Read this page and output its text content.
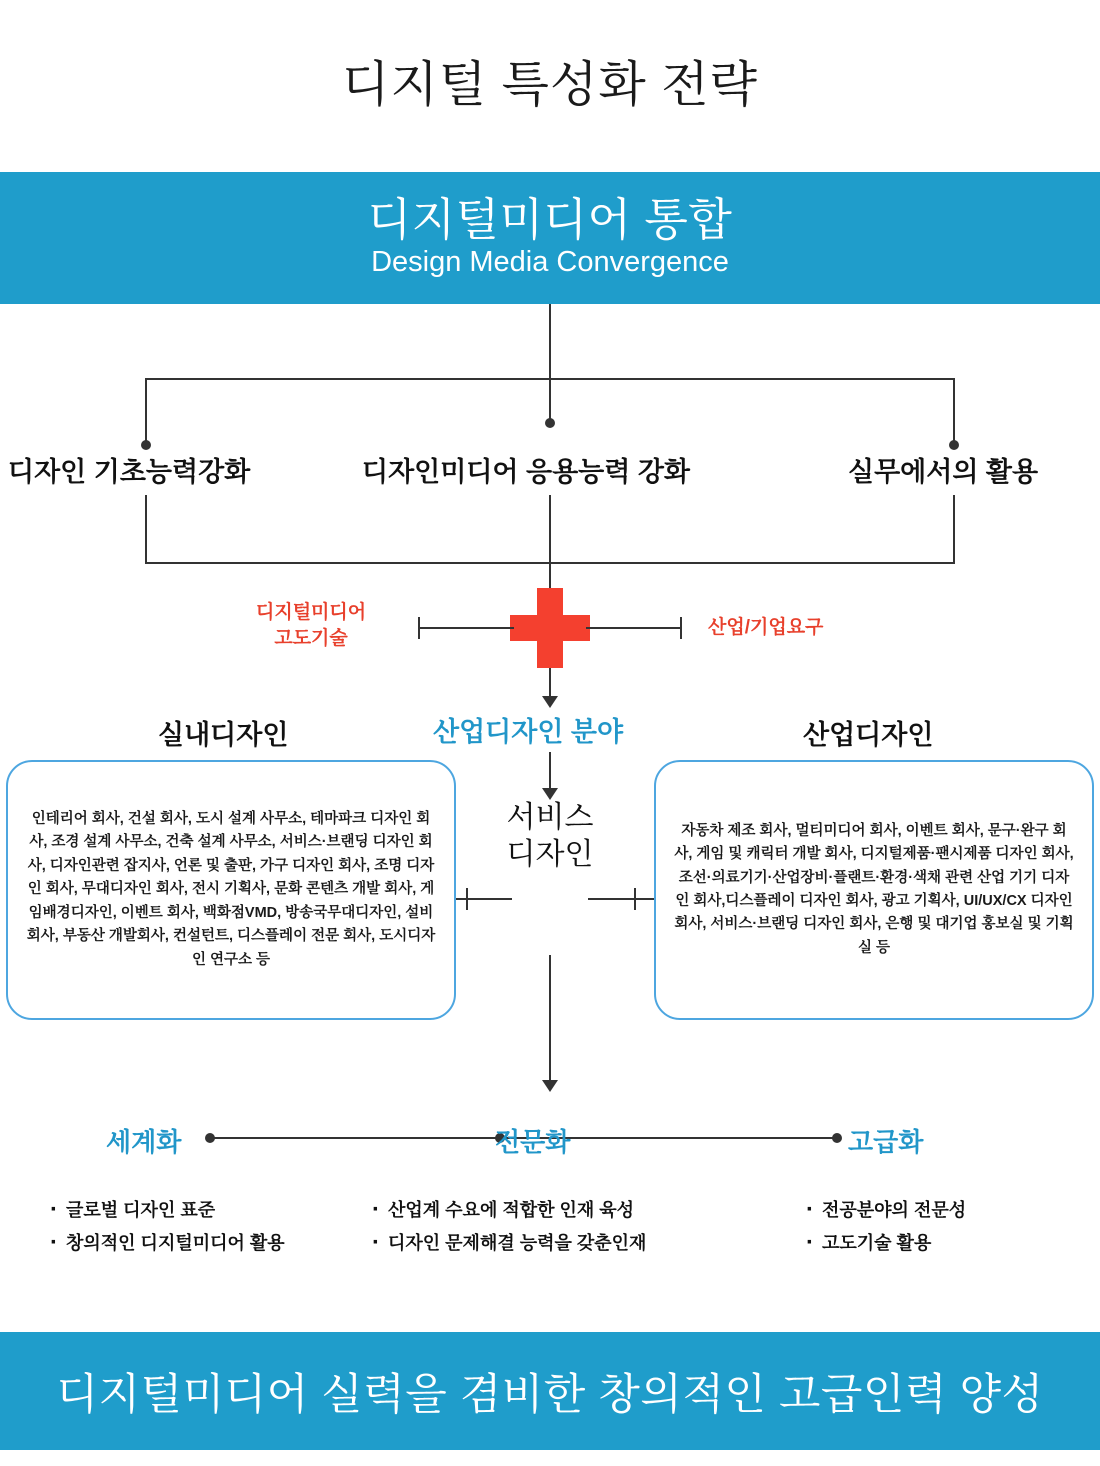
디지털 특성화 전략
디지털미디어 통합
Design Media Convergence
디자인 기초능력강화	디자인미디어 응용능력 강화	실무에서의 활용
디지털미디어
고도기술
산업/기업요구
실내디자인	산업디자인 분야	산업디자인

인테리어 회사, 건설 회사, 도시 설계 사무소, 테마파크 디자인 회사, 조경 설계 사무소, 건축 설계 사무소, 서비스·브랜딩 디자인 회사, 디자인관련 잡지사, 언론 및 출판, 가구 디자인 회사, 조명 디자인 회사, 무대디자인 회사, 전시 기획사, 문화 콘텐츠 개발 회사, 게임배경디자인, 이벤트 회사, 백화점VMD, 방송국무대디자인, 설비 회사, 부동산 개발회사, 컨설턴트, 디스플레이 전문 회사, 도시디자인 연구소 등

자동차 제조 회사, 멀티미디어 회사, 이벤트 회사, 문구·완구 회사, 게임 및 캐릭터 개발 회사, 디지털제품·팬시제품 디자인 회사, 조선·의료기기·산업장비·플랜트·환경·색채 관련 산업 기기 디자인 회사,디스플레이 디자인 회사, 광고 기획사, UI/UX/CX 디자인 회사, 서비스·브랜딩 디자인 회사, 은행 및 대기업 홍보실 및 기획실 등

서비스
디자인
세계화	전문화	고급화
· 글로벌 디자인 표준
· 창의적인 디지털미디어 활용
· 산업계 수요에 적합한 인재 육성
· 디자인 문제해결 능력을 갖춘인재
· 전공분야의 전문성
· 고도기술 활용
디지털미디어 실력을 겸비한 창의적인 고급인력 양성
